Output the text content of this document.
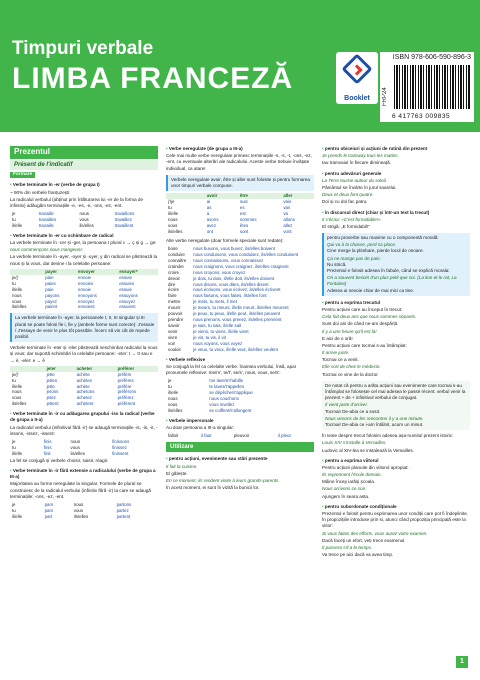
Timpuri verbale
LIMBA FRANCEZĂ
Booklet
ISBN 978-606-590-896-3
FRP24
6 417763 009835
Prezentul
Présent de l'indicatif
Formare
• Verbe terminate în -er (verbe de grupa I)
~ 90% din verbele franțuzești
La radicalul verbului (obținut prin înlăturarea lui -er de la forma de infinitiv) adăugăm terminațiile -e, -es, -e, -ons, -ez, -ent.
je	travaille	nous	travaillons
tu	travailles	vous	travaillez
il/elle	travaille	ils/elles	travaillent
• Verbe terminate în -er cu schimbare de radical
La verbele terminate în -cer și -ger, la persoana I plural c → ç și g → ge:
nous commençons nous mangeons
La verbele terminate în -ayer, -oyer și -uyer, y din radical se păstrează la nous și la vous, dar devine i la celelalte persoane:
	payer	envoyer	essuyer*
je/j'	paie	envoie	essuie
tu	paies	envoies	essuies
il/elle	paie	envoie	essuie
nous	payons	envoyons	essuyons
vous	payez	envoyez	essuyez
ils/elles	paient	envoient	essuient
La verbele terminate în -ayer, la persoanele I, II, III singular și III plural se poate folosi fie i, fie y (ambele forme sunt corecte): J'essaie / J'essaye de venir le plus tôt possible. Încerc să vin cât de repede posibil.
Verbele terminate în -eter și -eler păstrează neschimbat radicalul la nous și vous; dar suportă schimbări la celelalte persoane: -eter: t → tt sau e → è, -eler: e → è
	jeter	acheter	préférer
je/j'	jette	achète	préfère
tu	jettes	achètes	préfères
il/elle	jette	achète	préfère
nous	jetons	achetons	préférons
vous	jetez	achetez	préférez
ils/elles	jettent	achètent	préfèrent
• Verbe terminate în -ir cu adăugarea grupului -iss la radical (verbe de grupa a II-a)
La radicalul verbului (infinitivul fără -ir) se adaugă terminațiile -is, -is, -it, -issons, -issez, -issent:
je	finis	nous	finissons
tu	finis	vous	finissez
il/elle	finit	ils/elles	finissent
La fel se conjugă și verbele choisir, saisir, réagir.
• Verbe terminate în -ir fără extensie a radicalului (verbe de grupa a III-a)
Majoritatea au forme neregulate la singular. Formele de plural se construiesc de la radicalul verbului (infinitiv fără -ir) la care se adaugă terminațiile: -ons, -ez, -ent.
je	pars	nous	partons
tu	pars	vous	partez
il/elle	part	ils/elles	partent
• Verbe neregulate (de grupa a III-a)
Cele mai multe verbe neregulate primesc terminațiile -s, -s, -t, -ons, -ez, -ent, cu eventuale alterări ale radicalului. Aceste verbe trebuie învățate individual, ca atare!
Verbele neregulate avoir, être și aller sunt folosite și pentru formarea unor timpuri verbale compuse.
	avoir	être	aller
j'/je	ai	suis	vais
tu	as	es	vas
il/elle	a	est	va
nous	avons	sommes	allons
vous	avez	êtes	allez
ils/elles	ont	sont	vont
Alte verbe neregulate (doar formele speciale sunt redate):
boire	nous buvons, vous buvez, ils/elles boivent
conduire	nous conduisons, vous conduisez, ils/elles conduisent
connaître	nous connaissons, vous connaissez
craindre	nous craignons, vous craignez, ils/elles craignent
croire	nous croyons, vous croyez
devoir	je dois, tu dois, il/elle doit, ils/elles doivent
dire	nous disons, vous dites, ils/elles disent
écrire	nous écrivons, vous écrivez, ils/elles écrivent
faire	nous faisons, vous faites, ils/elles font
mettre	je mets, tu mets, il met
mourir	je meurs, tu meurs, il/elle meurt, ils/elles meurent
pouvoir	je peux, tu peux, il/elle peut, ils/elles peuvent
prendre	nous prenons, vous prenez, ils/elles prennent
savoir	je sais, tu sais, il/elle sait
venir	je viens, tu viens, il/elle vient
vivre	je vis, tu vis, il vit
voir	nous voyons, vous voyez
vouloir	je veux, tu veux, il/elle veut, ils/elles veulent
• Verbele reflexive
Se conjugă la fel ca celelalte verbe. Înaintea verbului, însă, apar pronumele reflexive: me/m', te/t', se/s', nous, vous, se/s':
je	me lave/m'habille
tu	te laves/t'appelles
il/elle	se dépêche/s'appliquе
nous	nous couchons
vous	vous nivellez
ils/elles	se coiffent/s'allongent
• Verbele impersonale
Au doar persoana a III-a singular:
falloir	il faut	pleuvoir	il pleut
Utilizare
• pentru acțiuni, evenimente sau stări prezente
Il fait la cuisine.
El gătește.
En ce moment, ils rendent visite à leurs grands-parents.
În acest moment, ei sunt în vizită la bunicii lor.
• pentru obiceiuri și acțiuni de rutină din prezent
Je prends le tramway tous les matins.
Iau tramvaiul în fiecare dimineață.
• pentru adevăruri generale
La Terre tourne autour du soleil.
Pământul se învârte în jurul soarelui.
Deux et deux font quatre.
Doi și cu doi fac patru.
• în discursul direct (chiar și într-un text la trecut)
Il s'écria: «C'est formidable!»
El strigă: „E formidabil!”
pentru proverbe sau maxime cu o componentă morală:
Qui va à la chasse, perd sa place.
Cine merge la plimbare, pierde locul de onoare.
Ça ne mange pas de pain.
Nu strică.
Prezentul e folosit adesea în fabule, când se explică morala:
On a souvent besoin d'un plus petit que soi. (La lion et le rat, La Fontaine)
Adesea ai nevoie chiar de mai mici ca tine.
• pentru a exprima trecutul
Pentru acțiuni care au început în trecut:
Cela fait deux ans que nous sommes séparés.
Sunt doi ani de când ne-am despărțit.
Il y a une heure qu'il est là!
E aici de o oră!
Pentru acțiuni care tocmai s-au întâmplat:
Il arrive juste.
Tocmai ce a venit.
Elle sort de chez le médecin.
Tocmai ce vine de la doctor.
De notat că pentru a arăta acțiuni sau evenimente care tocmai s-au întâmplat se folosește cel mai adesea le passé récent: verbul venir la prezent + de + infinitivul verbului de conjugat.
Il vient juste d'arriver.
Tocmai! De-abia ce a sosit.
Nous venons de les rencontrer il y a une minute.
Tocmai! De-abia ce i-am întâlnit, acum un minut.
În texte despre trecut folosim adesea așa-numitul prezent istoric:
Louis XIV s'installe à Versailles.
Ludovic al XIV-lea se instalează la Versailles.
• pentru a exprima viitorul
Pentru acțiuni planuite din viitorul apropiat:
Ils reprennent l'école demain.
Mâine încep iarăși școala.
Nous arrivons ce soir.
Ajungem în seara asta.
• pentru subordonate condiționale
Prezentul e folosit pentru exprimarea unor condiții care pot fi îndeplinite. În propozițiile introduse prin si, atunci când propoziția principală este la viitor:
Si vous faites des efforts, vous aurez votre examen.
Dacă faceți un efort, veți trece examenul.
Il passera s'il a le temps.
Va trece pe aici dacă va avea timp.
1
